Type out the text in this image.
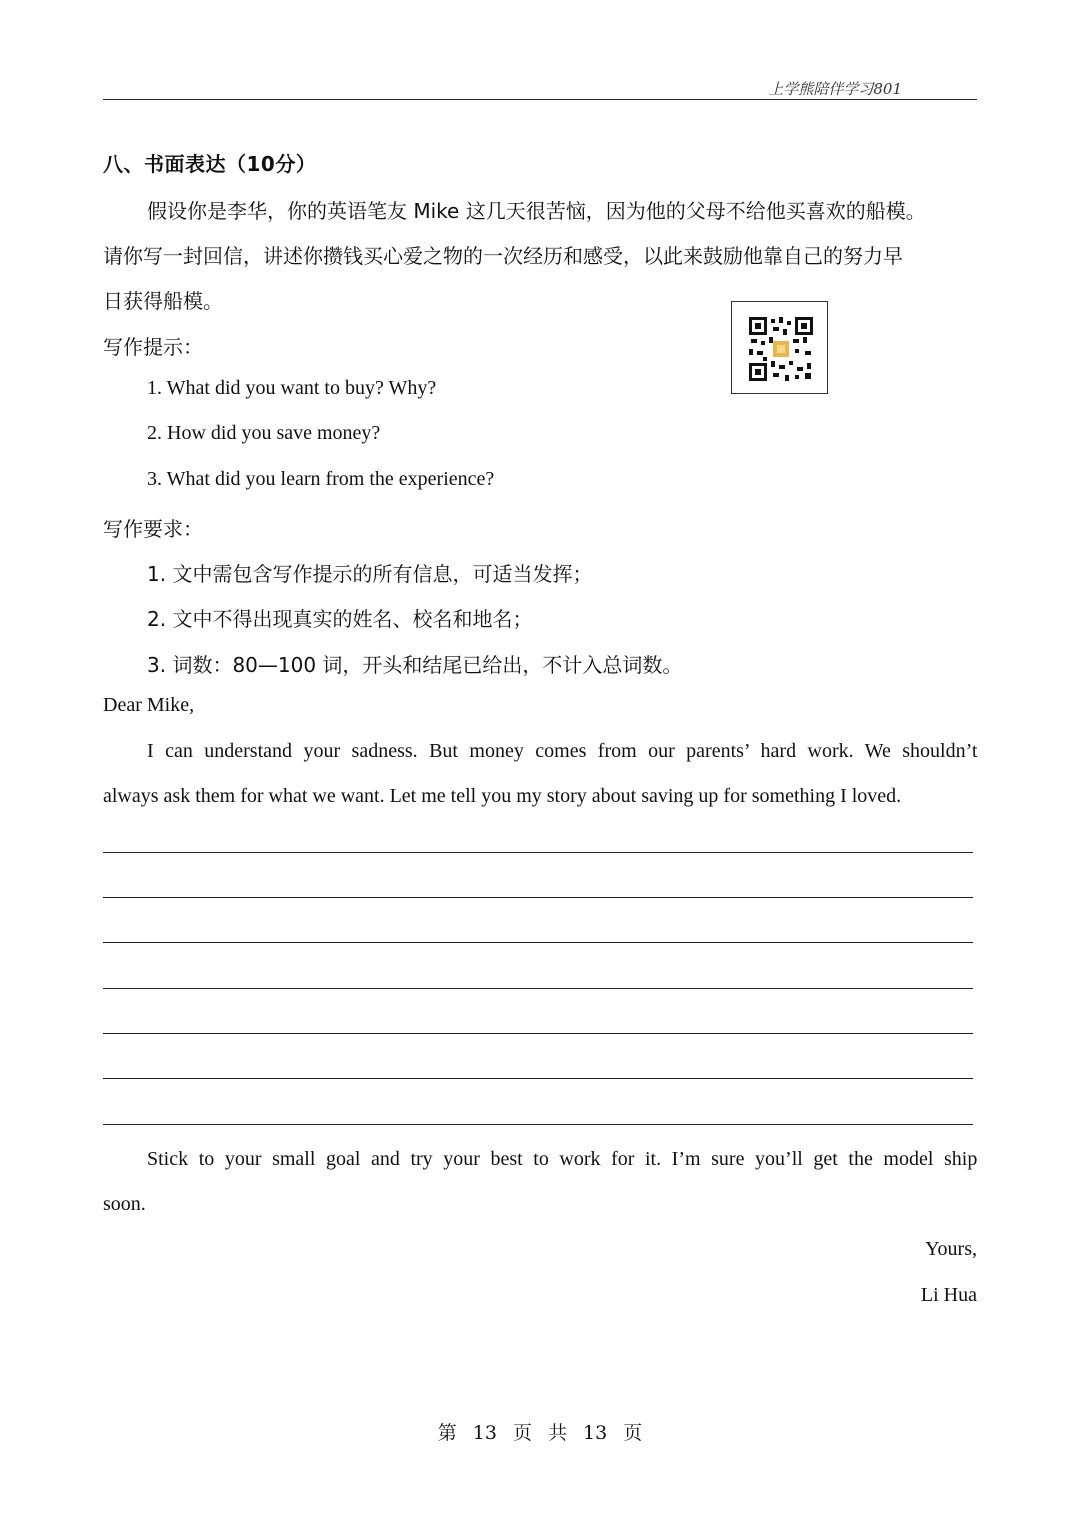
上学熊陪伴学习801
八、书面表达（10分）
假设你是李华，你的英语笔友 Mike 这几天很苦恼，因为他的父母不给他买喜欢的船模。
请你写一封回信，讲述你攒钱买心爱之物的一次经历和感受，以此来鼓励他靠自己的努力早
日获得船模。
写作提示：
1. What did you want to buy? Why?
2. How did you save money?
3. What did you learn from the experience?
写作要求：
1. 文中需包含写作提示的所有信息，可适当发挥；
2. 文中不得出现真实的姓名、校名和地名；
3. 词数：80—100 词，开头和结尾已给出，不计入总词数。
Dear Mike,
I can understand your sadness. But money comes from our parents’ hard work. We shouldn’t
always ask them for what we want. Let me tell you my story about saving up for something I loved.
Stick to your small goal and try your best to work for it. I’m sure you’ll get the model ship
soon.
Yours,
Li Hua
第 13 页 共 13 页
